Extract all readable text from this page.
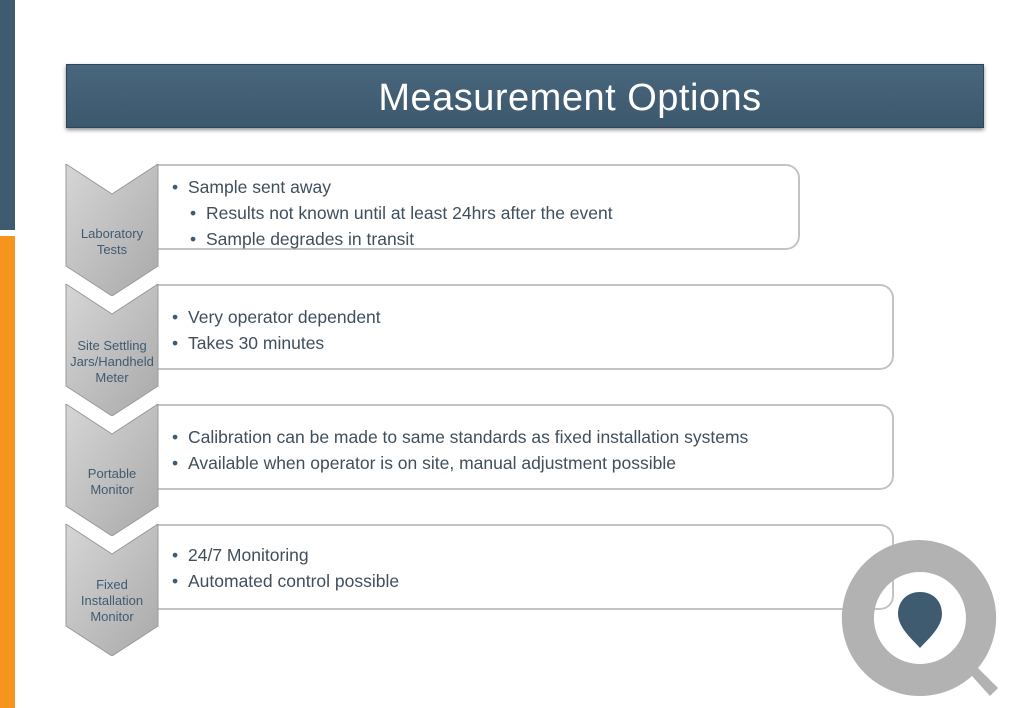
Measurement Options
• Sample sent away
• Results not known until at least 24hrs after the event
• Sample degrades in transit
Laboratory
Tests
• Very operator dependent
• Takes 30 minutes
Site Settling
Jars/Handheld
Meter
• Calibration can be made to same standards as fixed installation systems
• Available when operator is on site, manual adjustment possible
Portable
Monitor
• 24/7 Monitoring
• Automated control possible
Fixed
Installation
Monitor
